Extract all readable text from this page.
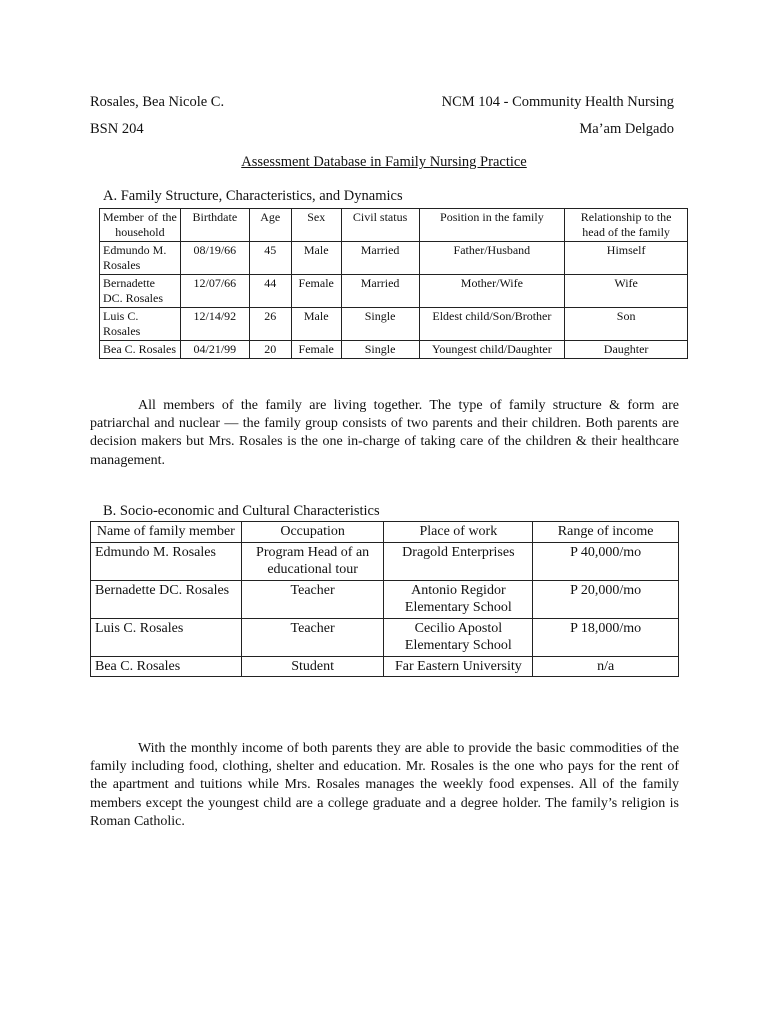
Rosales, Bea Nicole C.	NCM 104 - Community Health Nursing
BSN 204	Ma’am Delgado
Assessment Database in Family Nursing Practice
A. Family Structure, Characteristics, and Dynamics
Member of the household	Birthdate	Age	Sex	Civil status	Position in the family	Relationship to the head of the family
Edmundo M. Rosales	08/19/66	45	Male	Married	Father/Husband	Himself
Bernadette DC. Rosales	12/07/66	44	Female	Married	Mother/Wife	Wife
Luis C. Rosales	12/14/92	26	Male	Single	Eldest child/Son/Brother	Son
Bea C. Rosales	04/21/99	20	Female	Single	Youngest child/Daughter	Daughter
All members of the family are living together. The type of family structure & form are patriarchal and nuclear — the family group consists of two parents and their children. Both parents are decision makers but Mrs. Rosales is the one in-charge of taking care of the children & their healthcare management.
B. Socio-economic and Cultural Characteristics
Name of family member	Occupation	Place of work	Range of income
Edmundo M. Rosales	Program Head of an educational tour	Dragold Enterprises	P 40,000/mo
Bernadette DC. Rosales	Teacher	Antonio Regidor Elementary School	P 20,000/mo
Luis C. Rosales	Teacher	Cecilio Apostol Elementary School	P 18,000/mo
Bea C. Rosales	Student	Far Eastern University	n/a
With the monthly income of both parents they are able to provide the basic commodities of the family including food, clothing, shelter and education. Mr. Rosales is the one who pays for the rent of the apartment and tuitions while Mrs. Rosales manages the weekly food expenses. All of the family members except the youngest child are a college graduate and a degree holder. The family’s religion is Roman Catholic.
